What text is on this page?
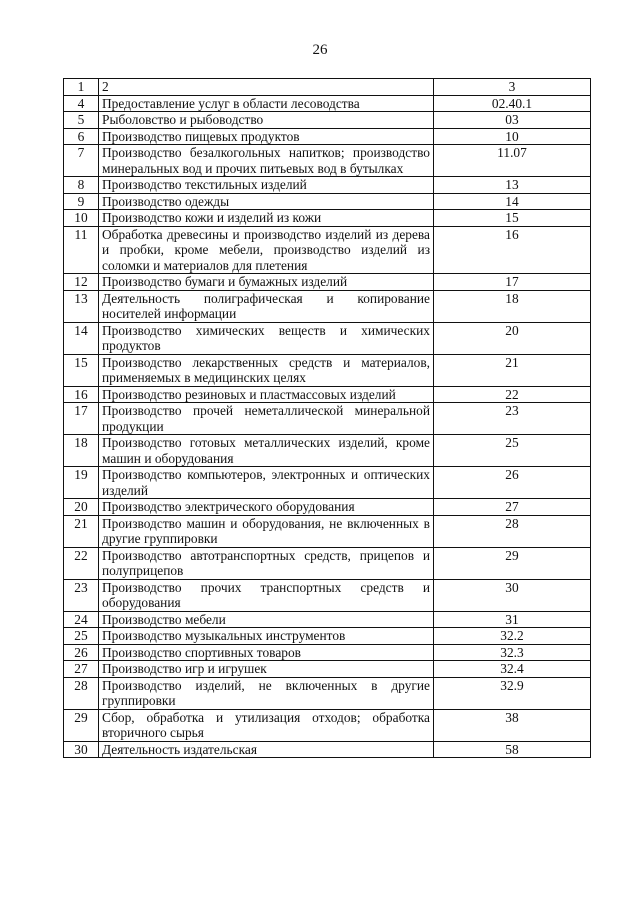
26
1	2	3
4	Предоставление услуг в области лесоводства	02.40.1
5	Рыболовство и рыбоводство	03
6	Производство пищевых продуктов	10
7	Производство безалкогольных напитков; производство минеральных вод и прочих питьевых вод в бутылках	11.07
8	Производство текстильных изделий	13
9	Производство одежды	14
10	Производство кожи и изделий из кожи	15
11	Обработка древесины и производство изделий из дерева и пробки, кроме мебели, производство изделий из соломки и материалов для плетения	16
12	Производство бумаги и бумажных изделий	17
13	Деятельность полиграфическая и копирование носителей информации	18
14	Производство химических веществ и химических продуктов	20
15	Производство лекарственных средств и материалов, применяемых в медицинских целях	21
16	Производство резиновых и пластмассовых изделий	22
17	Производство прочей неметаллической минеральной продукции	23
18	Производство готовых металлических изделий, кроме машин и оборудования	25
19	Производство компьютеров, электронных и оптических изделий	26
20	Производство электрического оборудования	27
21	Производство машин и оборудования, не включенных в другие группировки	28
22	Производство автотранспортных средств, прицепов и полуприцепов	29
23	Производство прочих транспортных средств и оборудования	30
24	Производство мебели	31
25	Производство музыкальных инструментов	32.2
26	Производство спортивных товаров	32.3
27	Производство игр и игрушек	32.4
28	Производство изделий, не включенных в другие группировки	32.9
29	Сбор, обработка и утилизация отходов; обработка вторичного сырья	38
30	Деятельность издательская	58
